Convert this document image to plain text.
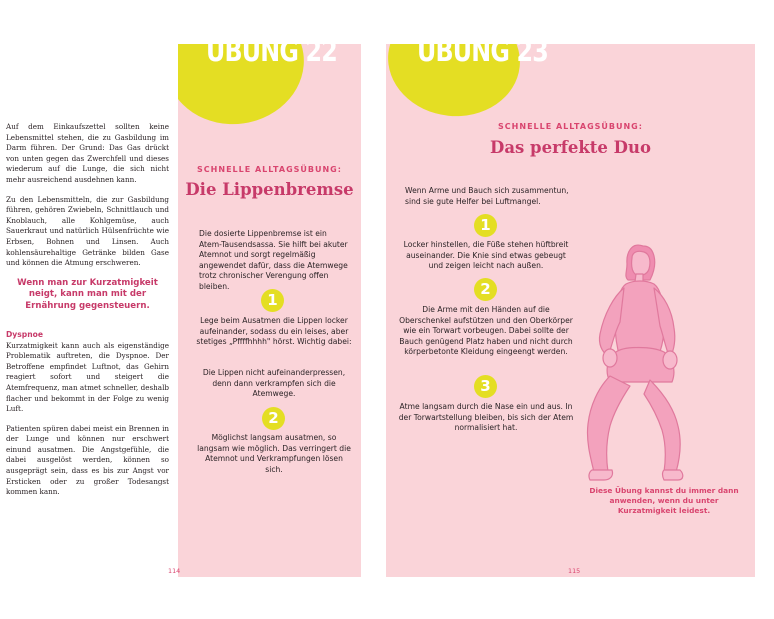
Auf dem Einkaufszettel sollten keine Lebensmittel stehen, die zu Gasbildung im Darm führen. Der Grund: Das Gas drückt von unten gegen das Zwerchfell und dieses wiederum auf die Lunge, die sich nicht mehr ausreichend ausdehnen kann.

Zu den Lebensmitteln, die zur Gasbildung führen, gehören Zwiebeln, Schnittlauch und Knoblauch, alle Kohlgemüse, auch Sauerkraut und natürlich Hülsenfrüchte wie Erbsen, Bohnen und Linsen. Auch kohlensäurehaltige Getränke bilden Gase und können die Atmung erschweren.

Wenn man zur Kurzatmigkeit neigt, kann man mit der Ernährung gegensteuern.

Dyspnoe

Kurzatmigkeit kann auch als eigenständige Problematik auftreten, die Dyspnoe. Der Betroffene empfindet Luftnot, das Gehirn reagiert sofort und steigert die Atemfrequenz, man atmet schneller, deshalb flacher und bekommt in der Folge zu wenig Luft.

Patienten spüren dabei meist ein Brennen in der Lunge und können nur erschwert einund ausatmen. Die Angstgefühle, die dabei ausgelöst werden, können so ausgeprägt sein, dass es bis zur Angst vor Ersticken oder zu großer Todesangst kommen kann.

ÜBUNG 22
SCHNELLE ALLTAGSÜBUNG:
Die Lippenbremse
Die dosierte Lippenbremse ist ein Atem-Tausendsassa. Sie hilft bei akuter Atemnot und sorgt regelmäßig angewendet dafür, dass die Atemwege trotz chronischer Verengung offen bleiben.
1
Lege beim Ausatmen die Lippen locker aufeinander, sodass du ein leises, aber stetiges „Pffffhhhh" hörst. Wichtig dabei:
Die Lippen nicht aufeinanderpressen, denn dann verkrampfen sich die Atemwege.
2
Möglichst langsam ausatmen, so langsam wie möglich. Das verringert die Atemnot und Verkrampfungen lösen sich.
114
ÜBUNG 23
SCHNELLE ALLTAGSÜBUNG:
Das perfekte Duo
Wenn Arme und Bauch sich zusammentun, sind sie gute Helfer bei Luftmangel.
1
Locker hinstellen, die Füße stehen hüftbreit auseinander. Die Knie sind etwas gebeugt und zeigen leicht nach außen.
2
Die Arme mit den Händen auf die Oberschenkel aufstützen und den Oberkörper wie ein Torwart vorbeugen. Dabei sollte der Bauch genügend Platz haben und nicht durch körperbetonte Kleidung eingeengt werden.
3
Atme langsam durch die Nase ein und aus. In der Torwartstellung bleiben, bis sich der Atem normalisiert hat.
Diese Übung kannst du immer dann anwenden, wenn du unter Kurzatmigkeit leidest.
115
